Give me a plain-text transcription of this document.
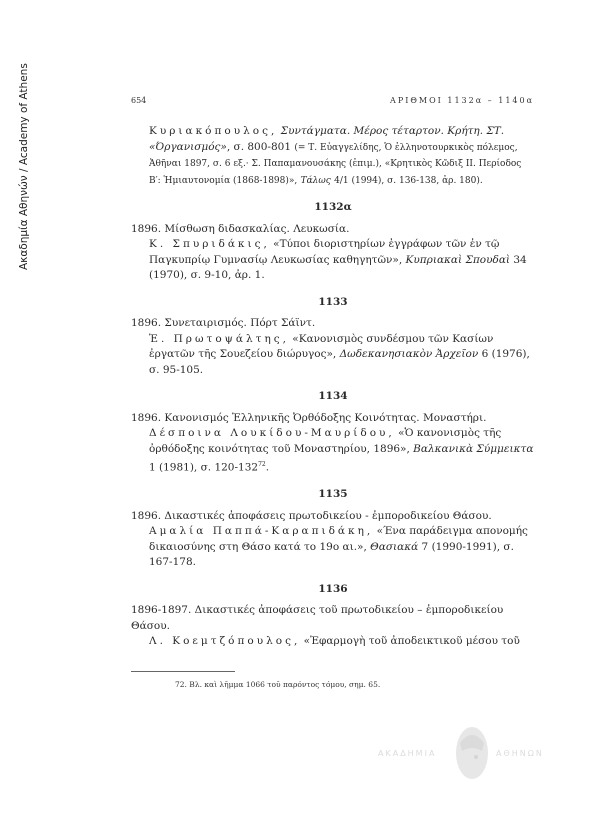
Ακαδημία Αθηνών / Academy of Athens	654	ΑΡΙΘΜΟΙ 1132α – 1140α
Κυριακόπουλος, Συντάγματα. Μέρος τέταρτον. Κρήτη. ΣΤ. «Όργανισμός», σ. 800-801 (= Τ. Εὐαγγελίδης, Ὁ ἑλληνοτουρκικὸς πόλεμος, Ἀθῆναι 1897, σ. 6 εξ.· Σ. Παπαμανουσάκης (ἐπιμ.), «Κρητικὸς Κῶδιξ ΙΙ. Περίοδος Β′: Ἡμιαυτονομία (1868-1898)», Τάλως 4/1 (1994), σ. 136-138, ἀρ. 180).
1132α

1896. Μίσθωση διδασκαλίας. Λευκωσία.

Κ. Σπυριδάκις, «Τύποι διοριστηρίων ἐγγράφων τῶν ἐν τῷ Παγκυπρίῳ Γυμνασίῳ Λευκωσίας καθηγητῶν», Κυπριακαὶ Σπουδαὶ 34 (1970), σ. 9-10, ἀρ. 1.

1133

1896. Συνεταιρισμός. Πόρτ Σάϊντ.

Ἐ. Πρωτοψάλτης, «Κανονισμὸς συνδέσμου τῶν Κασίων ἐργατῶν τῆς Σουεζείου διώρυγος», Δωδεκανησιακὸν Ἀρχεῖον 6 (1976), σ. 95-105.

1134

1896. Κανονισμός Ἑλληνικῆς Ὀρθόδοξης Κοινότητας. Μοναστήρι.

Δέσποινα Λουκίδου-Μαυρίδου, «Ὁ κανονισμὸς τῆς ὀρθόδοξης κοινότητας τοῦ Μοναστηρίου, 1896», Βαλκανικὰ Σύμμεικτα 1 (1981), σ. $120-132^{72}$.

1135

1896. Δικαστικές ἀποφάσεις πρωτοδικείου - ἐμποροδικείου Θάσου.

Αμαλία Παππά-Καραπιδάκη, «Ένα παράδειγμα απονομής δικαιοσύνης στη Θάσο κατά το 19ο αι.», Θασιακά 7 (1990-1991), σ. 167-178.

1136

1896-1897. Δικαστικές ἀποφάσεις τοῦ πρωτοδικείου – ἐμποροδικείου Θάσου.

Λ. Κοεμτζόπουλος, «Ἐφαρμογὴ τοῦ ἀποδεικτικοῦ μέσου τοῦ

72. Βλ. καὶ λῆμμα 1066 τοῦ παρόντος τόμου, σημ. 65.
ΑΚΑΔΗΜΙΑ	ΑΘΗΝΩΝ
